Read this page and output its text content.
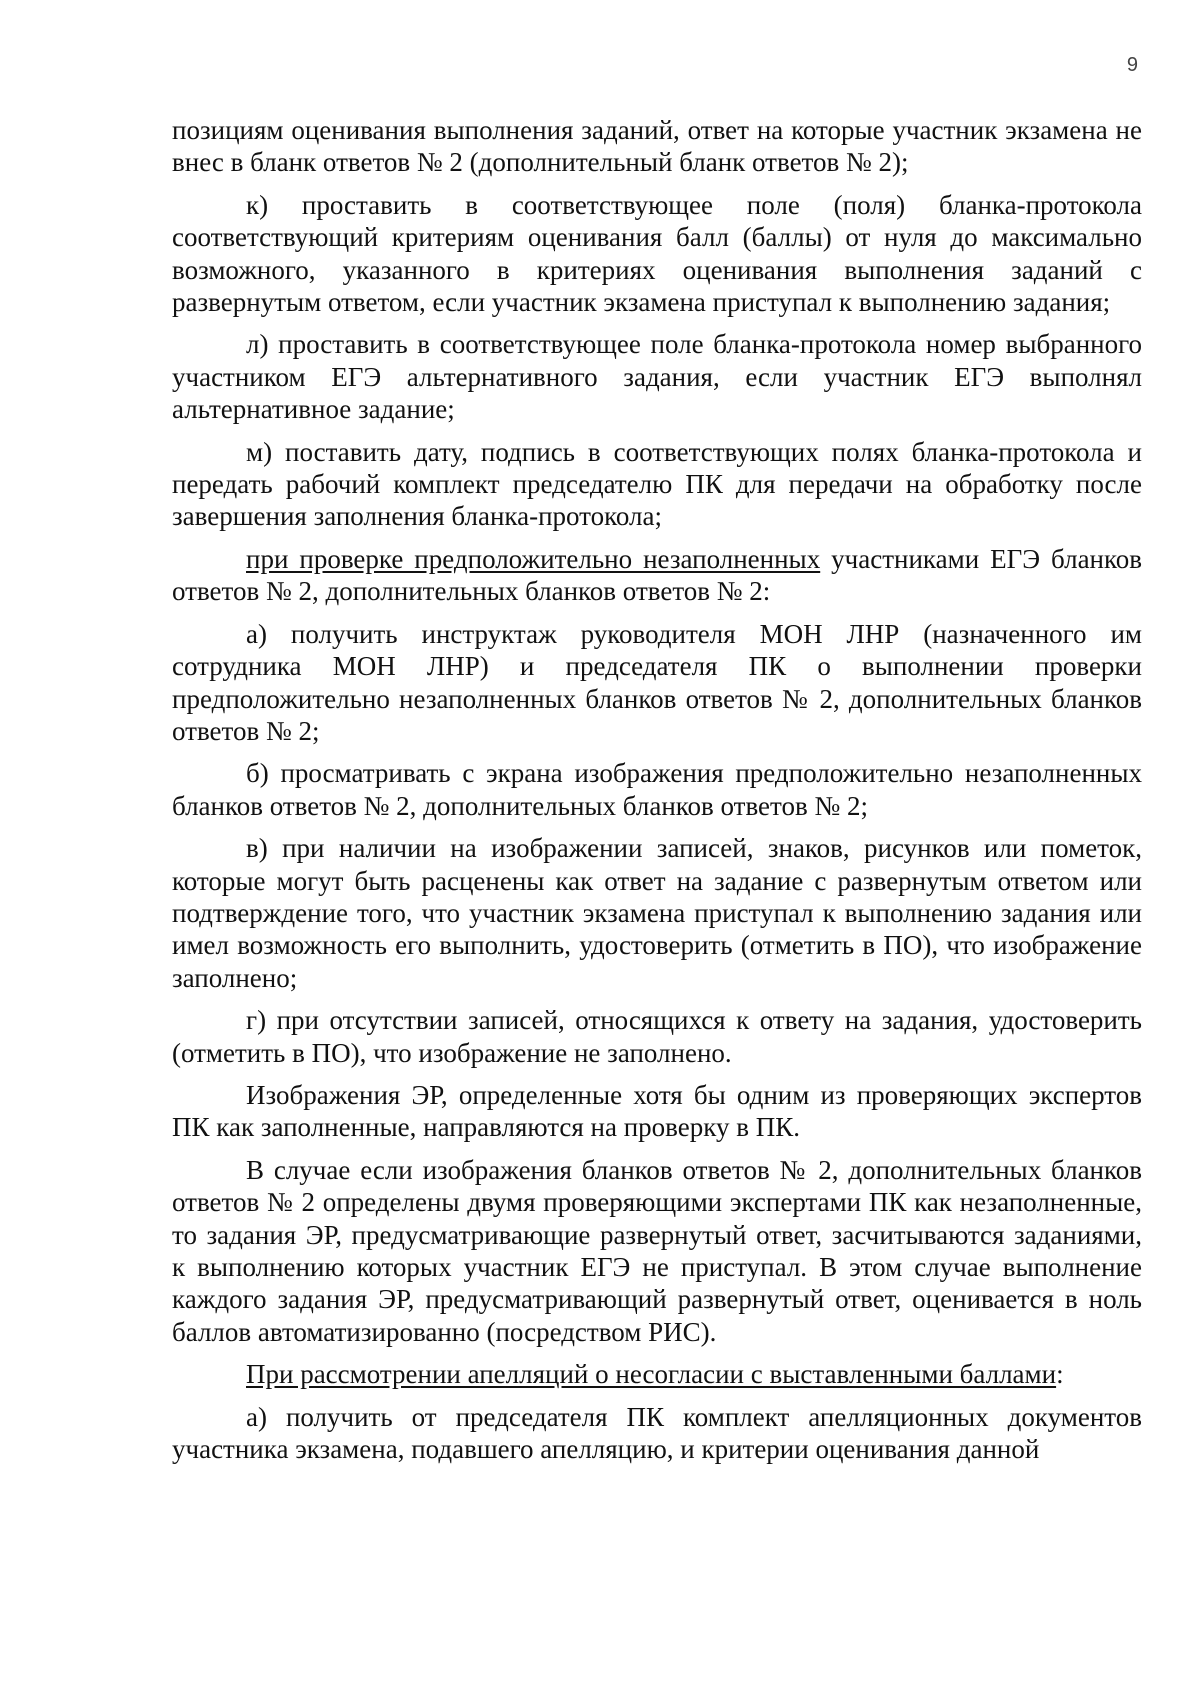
9

позициям оценивания выполнения заданий, ответ на которые участник экзамена не внес в бланк ответов № 2 (дополнительный бланк ответов № 2);

к) проставить в соответствующее поле (поля) бланка-протокола соответствующий критериям оценивания балл (баллы) от нуля до максимально возможного, указанного в критериях оценивания выполнения заданий с развернутым ответом, если участник экзамена приступал к выполнению задания;

л) проставить в соответствующее поле бланка-протокола номер выбранного участником ЕГЭ альтернативного задания, если участник ЕГЭ выполнял альтернативное задание;

м) поставить дату, подпись в соответствующих полях бланка-протокола и передать рабочий комплект председателю ПК для передачи на обработку после завершения заполнения бланка-протокола;

при проверке предположительно незаполненных участниками ЕГЭ бланков ответов № 2, дополнительных бланков ответов № 2:

а) получить инструктаж руководителя МОН ЛНР (назначенного им сотрудника МОН ЛНР) и председателя ПК о выполнении проверки предположительно незаполненных бланков ответов № 2, дополнительных бланков ответов № 2;

б) просматривать с экрана изображения предположительно незаполненных бланков ответов № 2, дополнительных бланков ответов № 2;

в) при наличии на изображении записей, знаков, рисунков или пометок, которые могут быть расценены как ответ на задание с развернутым ответом или подтверждение того, что участник экзамена приступал к выполнению задания или имел возможность его выполнить, удостоверить (отметить в ПО), что изображение заполнено;

г) при отсутствии записей, относящихся к ответу на задания, удостоверить (отметить в ПО), что изображение не заполнено.

Изображения ЭР, определенные хотя бы одним из проверяющих экспертов ПК как заполненные, направляются на проверку в ПК.

В случае если изображения бланков ответов № 2, дополнительных бланков ответов № 2 определены двумя проверяющими экспертами ПК как незаполненные, то задания ЭР, предусматривающие развернутый ответ, засчитываются заданиями, к выполнению которых участник ЕГЭ не приступал. В этом случае выполнение каждого задания ЭР, предусматривающий развернутый ответ, оценивается в ноль баллов автоматизированно (посредством РИС).

При рассмотрении апелляций о несогласии с выставленными баллами:

а) получить от председателя ПК комплект апелляционных документов участника экзамена, подавшего апелляцию, и критерии оценивания данной
